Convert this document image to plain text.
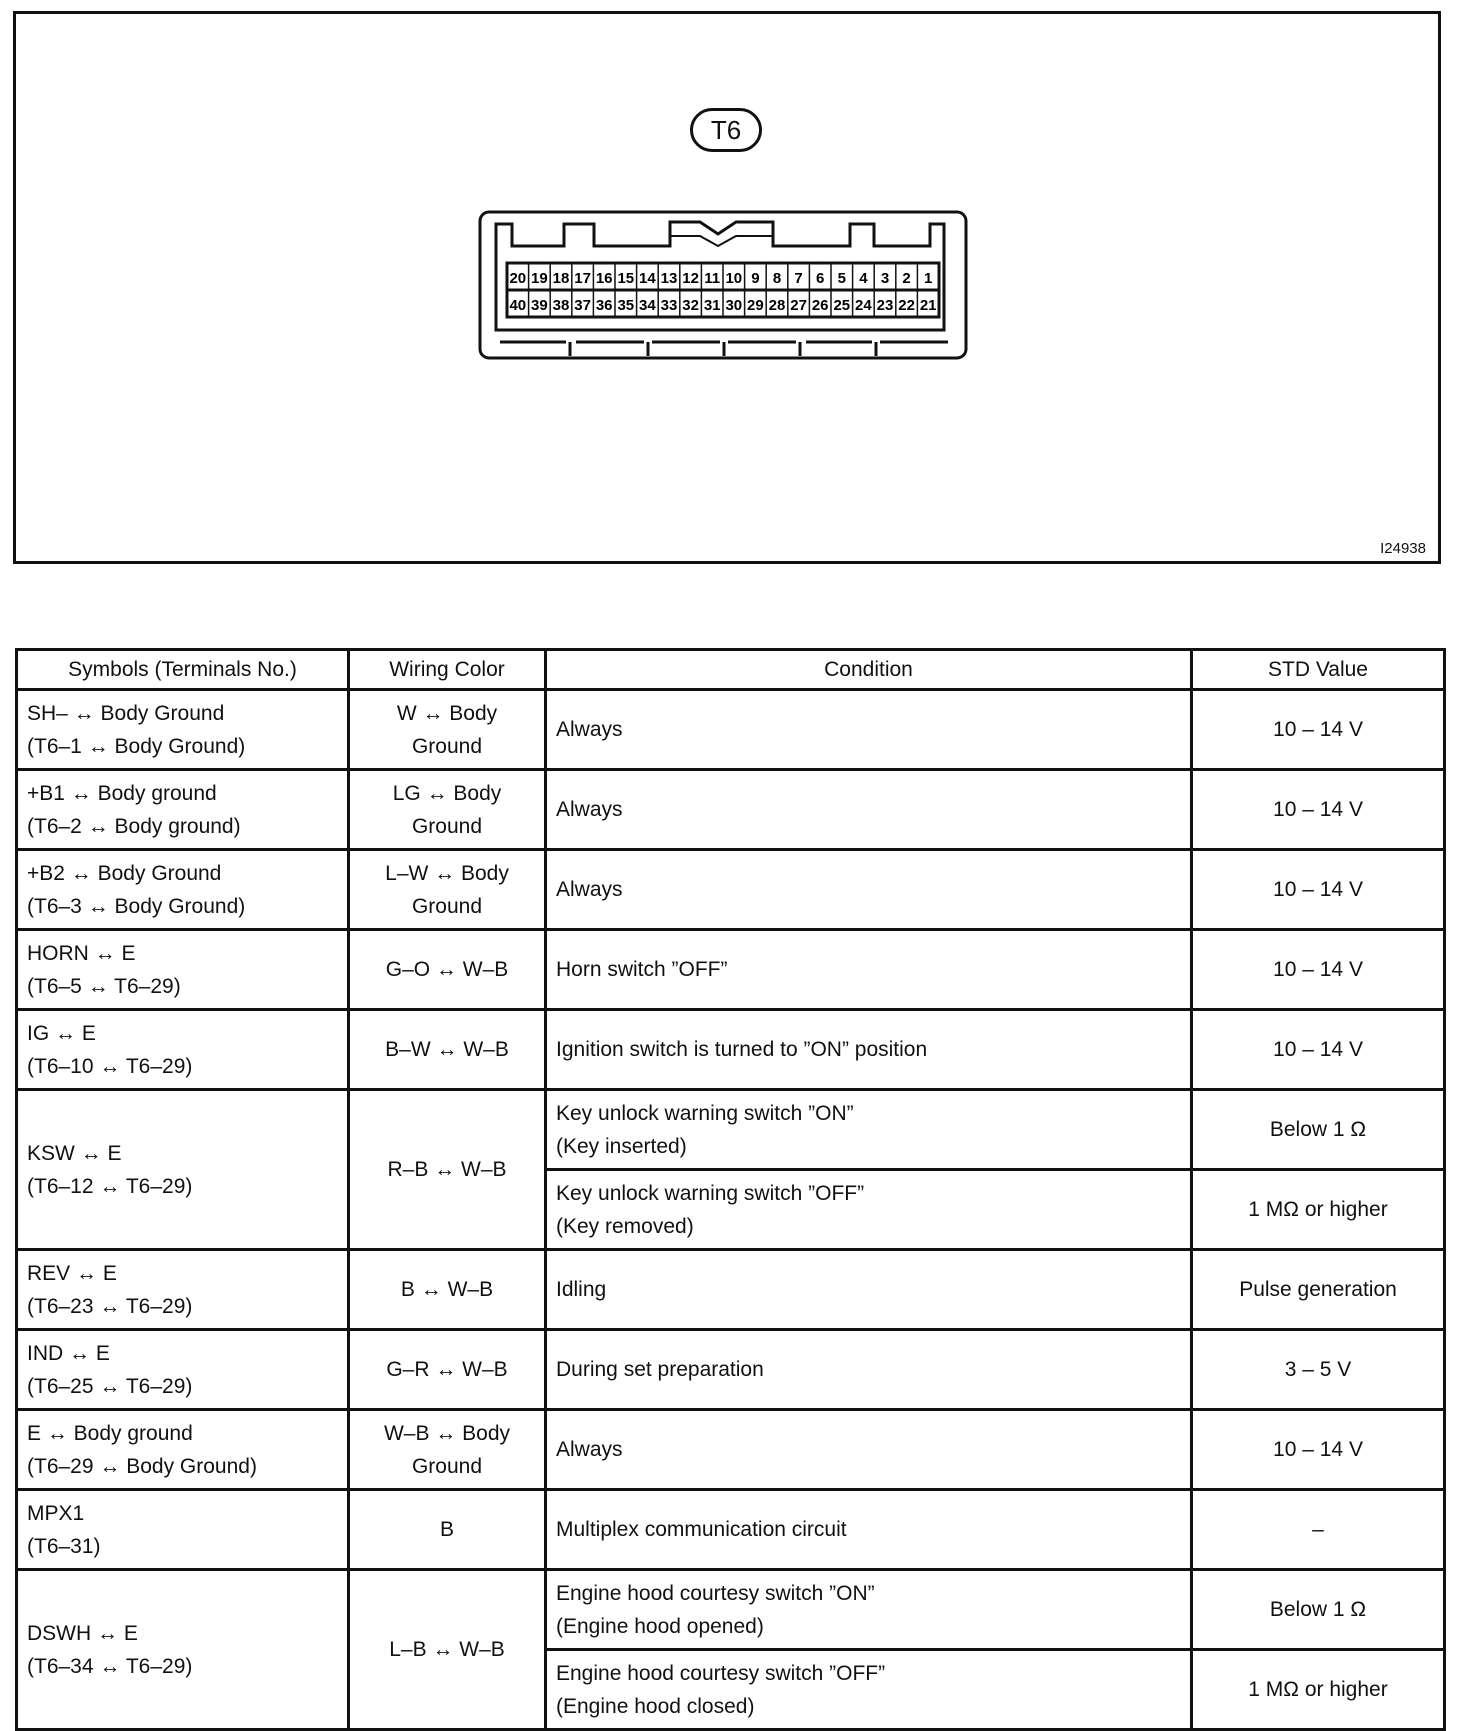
T6
20 19 18 17 16 15 14 13 12 11 10 9 8 7 6 5 4 3 2 1
40 39 38 37 36 35 34 33 32 31 30 29 28 27 26 25 24 23 22 21
I24938
Symbols (Terminals No.)	Wiring Color	Condition	STD Value

SH– ↔ Body Ground
(T6–1 ↔ Body Ground)	W ↔ Body
Ground	Always	10 – 14 V

+B1 ↔ Body ground
(T6–2 ↔ Body ground)	LG ↔ Body
Ground	Always	10 – 14 V

+B2 ↔ Body Ground
(T6–3 ↔ Body Ground)	L–W ↔ Body
Ground	Always	10 – 14 V

HORN ↔ E
(T6–5 ↔ T6–29)	G–O ↔ W–B	Horn switch ”OFF”	10 – 14 V

IG ↔ E
(T6–10 ↔ T6–29)	B–W ↔ W–B	Ignition switch is turned to ”ON” position	10 – 14 V

KSW ↔ E
(T6–12 ↔ T6–29)	R–B ↔ W–B	Key unlock warning switch ”ON”
(Key inserted)	Below 1 Ω

		Key unlock warning switch ”OFF”
(Key removed)	1 MΩ or higher

REV ↔ E
(T6–23 ↔ T6–29)	B ↔ W–B	Idling	Pulse generation

IND ↔ E
(T6–25 ↔ T6–29)	G–R ↔ W–B	During set preparation	3 – 5 V

E ↔ Body ground
(T6–29 ↔ Body Ground)	W–B ↔ Body
Ground	Always	10 – 14 V

MPX1
(T6–31)	B	Multiplex communication circuit	–

DSWH ↔ E
(T6–34 ↔ T6–29)	L–B ↔ W–B	Engine hood courtesy switch ”ON”
(Engine hood opened)	Below 1 Ω

		Engine hood courtesy switch ”OFF”
(Engine hood closed)	1 MΩ or higher
